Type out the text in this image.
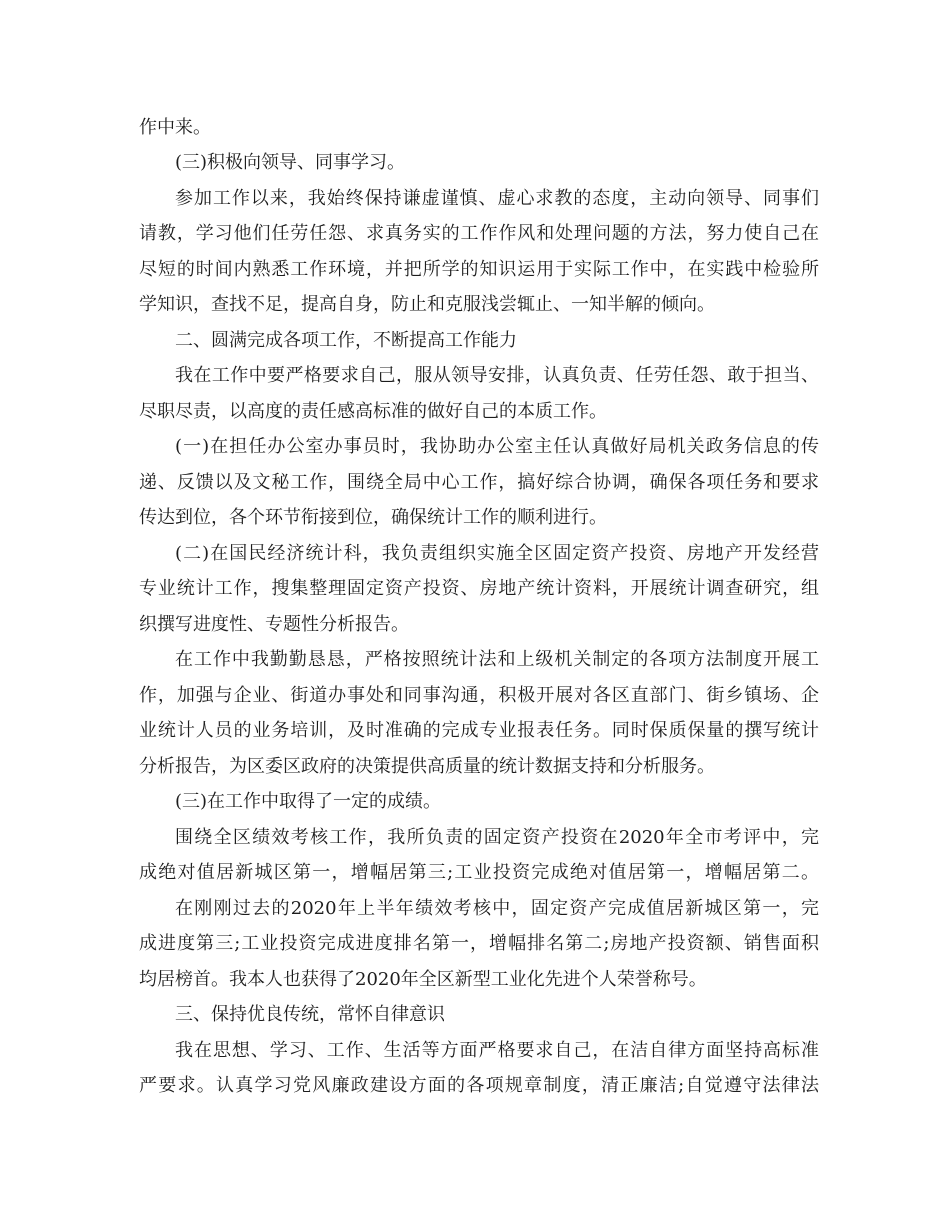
作中来。
(三)积极向领导、同事学习。
参加工作以来，我始终保持谦虚谨慎、虚心求教的态度，主动向领导、同事们
请教，学习他们任劳任怨、求真务实的工作作风和处理问题的方法，努力使自己在
尽短的时间内熟悉工作环境，并把所学的知识运用于实际工作中，在实践中检验所
学知识，查找不足，提高自身，防止和克服浅尝辄止、一知半解的倾向。
二、圆满完成各项工作，不断提高工作能力
我在工作中要严格要求自己，服从领导安排，认真负责、任劳任怨、敢于担当、
尽职尽责，以高度的责任感高标准的做好自己的本质工作。
(一)在担任办公室办事员时，我协助办公室主任认真做好局机关政务信息的传
递、反馈以及文秘工作，围绕全局中心工作，搞好综合协调，确保各项任务和要求
传达到位，各个环节衔接到位，确保统计工作的顺利进行。
(二)在国民经济统计科，我负责组织实施全区固定资产投资、房地产开发经营
专业统计工作，搜集整理固定资产投资、房地产统计资料，开展统计调查研究，组
织撰写进度性、专题性分析报告。
在工作中我勤勤恳恳，严格按照统计法和上级机关制定的各项方法制度开展工
作，加强与企业、街道办事处和同事沟通，积极开展对各区直部门、街乡镇场、企
业统计人员的业务培训，及时准确的完成专业报表任务。同时保质保量的撰写统计
分析报告，为区委区政府的决策提供高质量的统计数据支持和分析服务。
(三)在工作中取得了一定的成绩。
围绕全区绩效考核工作，我所负责的固定资产投资在2020年全市考评中，完
成绝对值居新城区第一，增幅居第三;工业投资完成绝对值居第一，增幅居第二。
在刚刚过去的2020年上半年绩效考核中，固定资产完成值居新城区第一，完
成进度第三;工业投资完成进度排名第一，增幅排名第二;房地产投资额、销售面积
均居榜首。我本人也获得了2020年全区新型工业化先进个人荣誉称号。
三、保持优良传统，常怀自律意识
我在思想、学习、工作、生活等方面严格要求自己，在洁自律方面坚持高标准
严要求。认真学习党风廉政建设方面的各项规章制度，清正廉洁;自觉遵守法律法
